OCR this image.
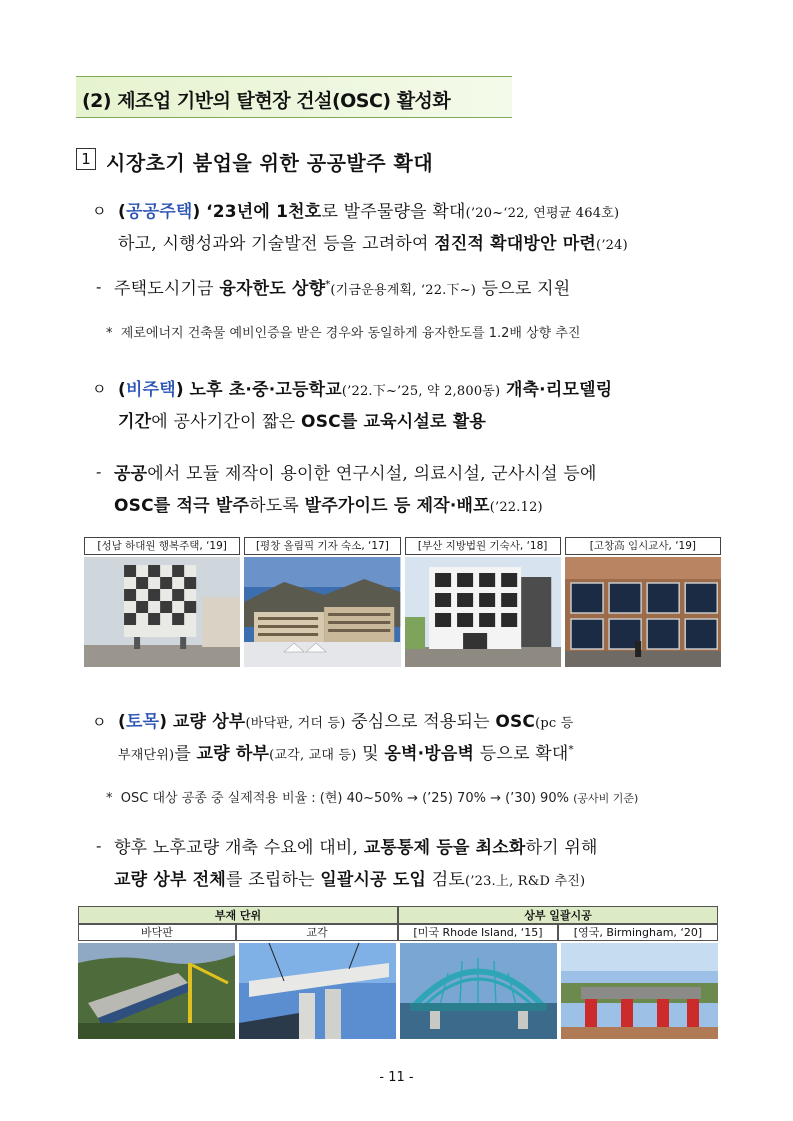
(2) 제조업 기반의 탈현장 건설(OSC) 활성화
1 시장초기 붐업을 위한 공공발주 확대
ㅇ (공공주택) ‘23년에 1천호로 발주물량을 확대(’20~‘22, 연평균 464호)
하고, 시행성과와 기술발전 등을 고려하여 점진적 확대방안 마련(’24)
- 주택도시기금 융자한도 상향*(기금운용계획, ‘22.下~) 등으로 지원
* 제로에너지 건축물 예비인증을 받은 경우와 동일하게 융자한도를 1.2배 상향 추진
ㅇ (비주택) 노후 초·중·고등학교(’22.下~’25, 약 2,800동) 개축·리모델링
기간에 공사기간이 짧은 OSC를 교육시설로 활용
- 공공에서 모듈 제작이 용이한 연구시설, 의료시설, 군사시설 등에
OSC를 적극 발주하도록 발주가이드 등 제작·배포(’22.12)
[성남 하대원 행복주택, ‘19]	[평창 올림픽 기자 숙소, ‘17]	[부산 지방법원 기숙사, ‘18]	[고창高 임시교사, ‘19]
ㅇ (토목) 교량 상부(바닥판, 거더 등) 중심으로 적용되는 OSC(pc 등
부재단위)를 교량 하부(교각, 교대 등) 및 옹벽·방음벽 등으로 확대*
* OSC 대상 공종 중 실제적용 비율 : (현) 40~50% → (’25) 70% → (’30) 90% (공사비 기준)
- 향후 노후교량 개축 수요에 대비, 교통통제 등을 최소화하기 위해
교량 상부 전체를 조립하는 일괄시공 도입 검토(’23.上, R&D 추진)
부재 단위	상부 일괄시공
바닥판	교각	[미국 Rhode Island, ‘15]	[영국, Birmingham, ‘20]
- 11 -
